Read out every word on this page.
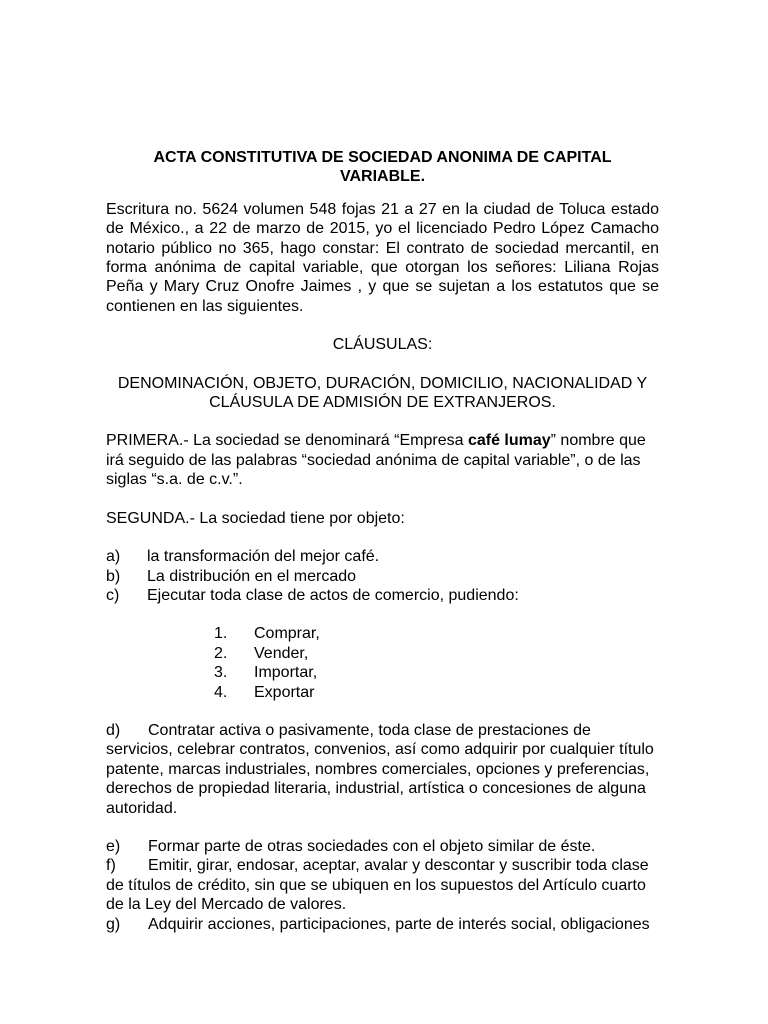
ACTA CONSTITUTIVA DE SOCIEDAD ANONIMA DE CAPITAL
VARIABLE.

Escritura no. 5624 volumen 548 fojas 21 a 27 en la ciudad de Toluca estado de México., a 22 de marzo de 2015, yo el licenciado Pedro López Camacho notario público no 365, hago constar: El contrato de sociedad mercantil, en forma anónima de capital variable, que otorgan los señores: Liliana Rojas Peña y Mary Cruz Onofre Jaimes , y que se sujetan a los estatutos que se contienen en las siguientes.

CLÁUSULAS:

DENOMINACIÓN, OBJETO, DURACIÓN, DOMICILIO, NACIONALIDAD Y
CLÁUSULA DE ADMISIÓN DE EXTRANJEROS.

PRIMERA.- La sociedad se denominará “Empresa café lumay” nombre que irá seguido de las palabras “sociedad anónima de capital variable”, o de las siglas “s.a. de c.v.”.

SEGUNDA.- La sociedad tiene por objeto:

a)	la transformación del mejor café.
b)	La distribución en el mercado
c)	Ejecutar toda clase de actos de comercio, pudiendo:
1.	Comprar,
2.	Vender,
3.	Importar,
4.	Exportar

d) Contratar activa o pasivamente, toda clase de prestaciones de servicios, celebrar contratos, convenios, así como adquirir por cualquier título patente, marcas industriales, nombres comerciales, opciones y preferencias, derechos de propiedad literaria, industrial, artística o concesiones de alguna autoridad.

e) Formar parte de otras sociedades con el objeto similar de éste.

f) Emitir, girar, endosar, aceptar, avalar y descontar y suscribir toda clase de títulos de crédito, sin que se ubiquen en los supuestos del Artículo cuarto de la Ley del Mercado de valores.

g) Adquirir acciones, participaciones, parte de interés social, obligaciones
